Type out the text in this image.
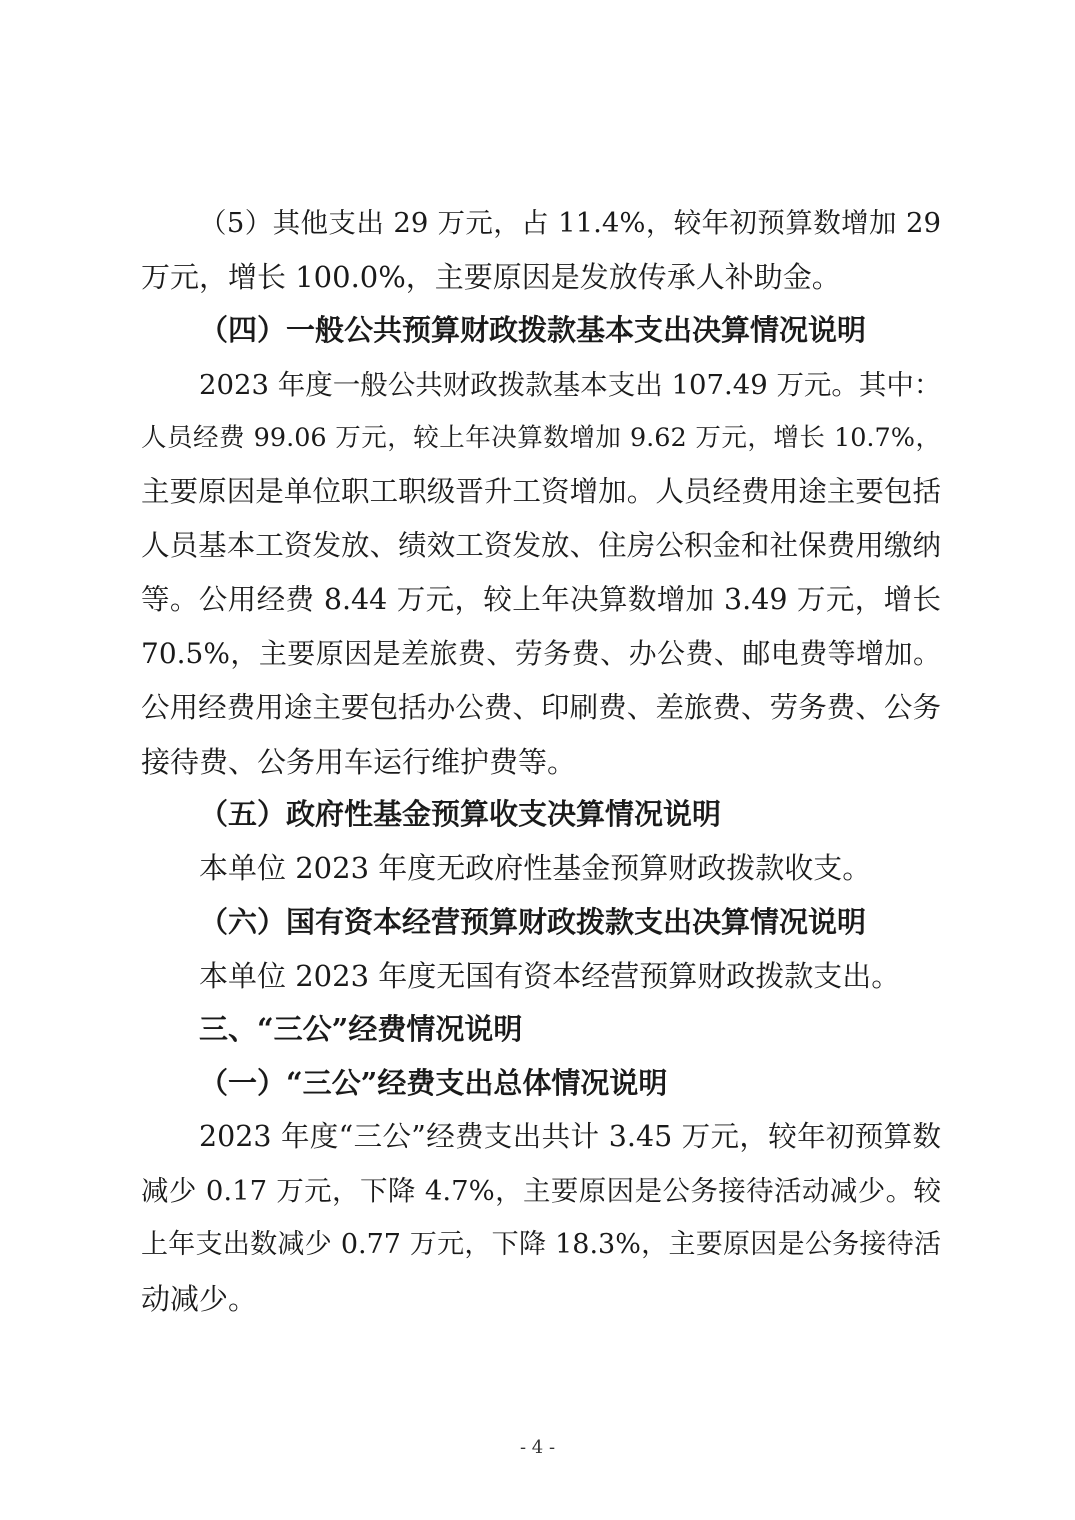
（5）其他支出 29 万元，占 11.4%，较年初预算数增加 29
万元，增长 100.0%，主要原因是发放传承人补助金。
（四）一般公共预算财政拨款基本支出决算情况说明
2023 年度一般公共财政拨款基本支出 107.49 万元。其中：
人员经费 99.06 万元，较上年决算数增加 9.62 万元，增长 10.7%，
主要原因是单位职工职级晋升工资增加。人员经费用途主要包括
人员基本工资发放、绩效工资发放、住房公积金和社保费用缴纳
等。公用经费 8.44 万元，较上年决算数增加 3.49 万元，增长
70.5%，主要原因是差旅费、劳务费、办公费、邮电费等增加。
公用经费用途主要包括办公费、印刷费、差旅费、劳务费、公务
接待费、公务用车运行维护费等。
（五）政府性基金预算收支决算情况说明
本单位 2023 年度无政府性基金预算财政拨款收支。
（六）国有资本经营预算财政拨款支出决算情况说明
本单位 2023 年度无国有资本经营预算财政拨款支出。
三、“三公”经费情况说明
（一）“三公”经费支出总体情况说明
2023 年度“三公”经费支出共计 3.45 万元，较年初预算数
减少 0.17 万元，下降 4.7%，主要原因是公务接待活动减少。较
上年支出数减少 0.77 万元，下降 18.3%，主要原因是公务接待活
动减少。
- 4 -
